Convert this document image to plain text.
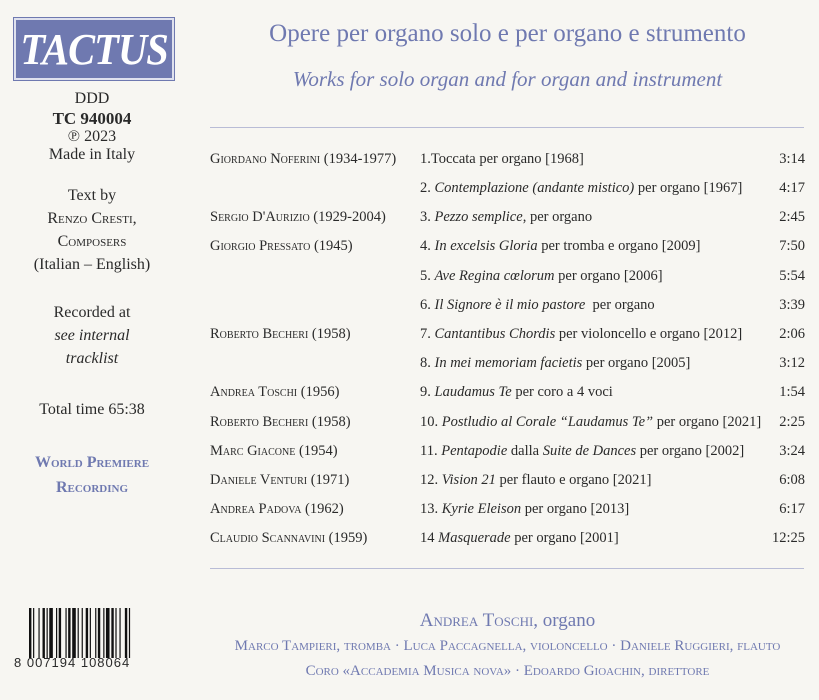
TACTUS
DDD
TC 940004
℗ 2023
Made in Italy
Text by
Renzo Cresti,
Composers
(Italian – English)
Recorded at
see internal
tracklist
Total time 65:38
World Premiere
Recording
8 007194 108064
Opere per organo solo e per organo e strumento
Works for solo organ and for organ and instrument
Giordano Noferini (1934-1977) 1.Toccata per organo [1968]	3:14
2. Contemplazione (andante mistico) per organo [1967]	4:17
Sergio D'Aurizio (1929-2004) 3. Pezzo semplice, per organo	2:45
Giorgio Pressato (1945)	4. In excelsis Gloria per tromba e organo [2009]	7:50
5. Ave Regina cœlorum per organo [2006]	5:54
6. Il Signore è il mio pastore  per organo	3:39
Roberto Becheri (1958)	7. Cantantibus Chordis per violoncello e organo [2012]	2:06
8. In mei memoriam facietis per organo [2005]	3:12
Andrea Toschi (1956)	9. Laudamus Te per coro a 4 voci	1:54
Roberto Becheri (1958)	10. Postludio al Corale “Laudamus Te” per organo [2021] 2:25
Marc Giacone (1954)	11. Pentapodie dalla Suite de Dances per organo [2002] 3:24
Daniele Venturi (1971)	12. Vision 21 per flauto e organo [2021]	6:08
Andrea Padova (1962)	13. Kyrie Eleison per organo [2013]	6:17
Claudio Scannavini (1959)	14 Masquerade per organo [2001]	12:25
Andrea Toschi, organo
Marco Tampieri, tromba · Luca Paccagnella, violoncello · Daniele Ruggieri, flauto
Coro «Accademia Musica nova» · Edoardo Gioachin, direttore
